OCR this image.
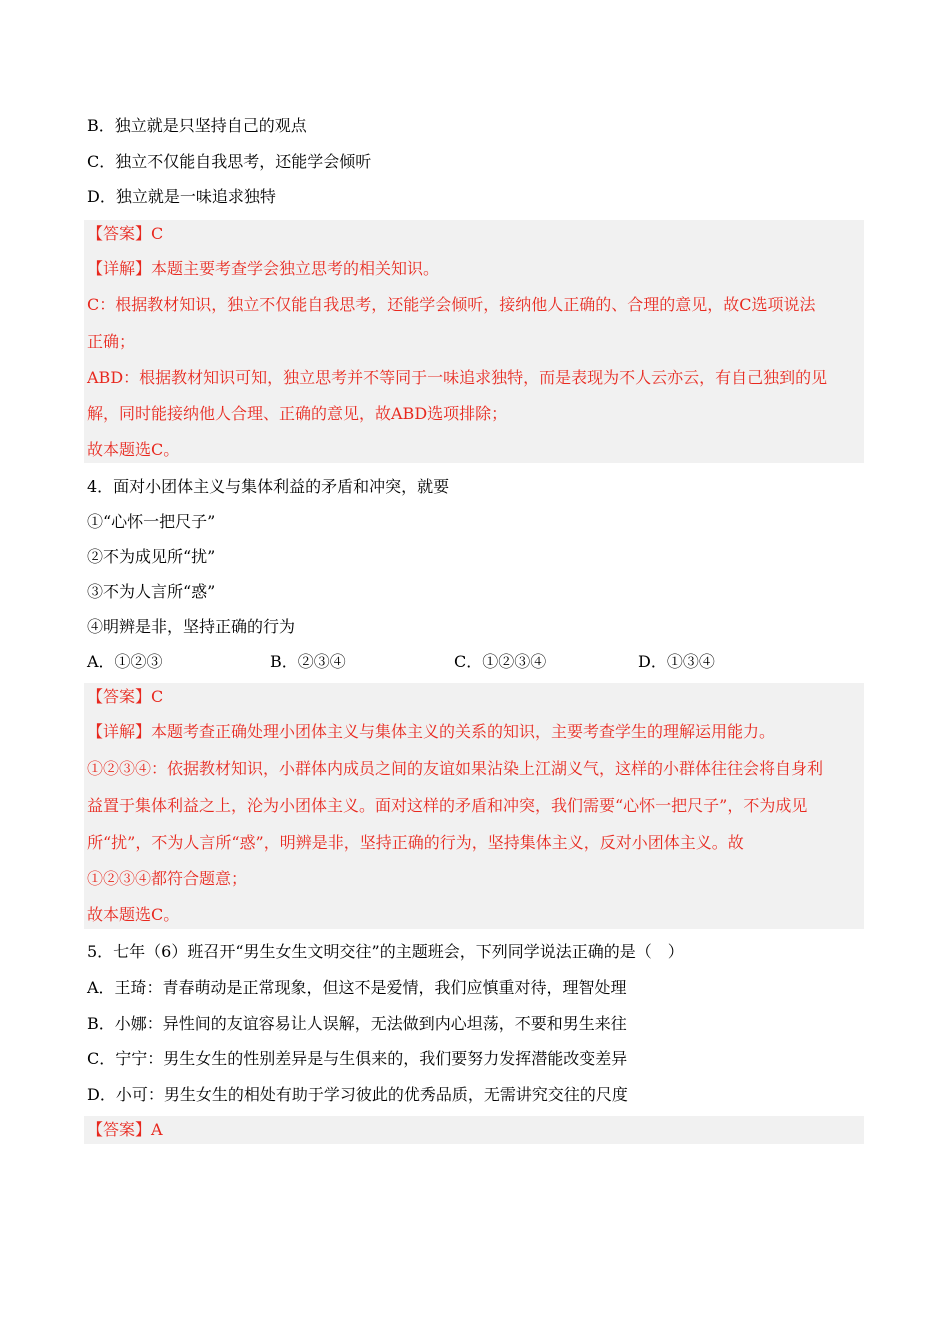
B．独立就是只坚持自己的观点
C．独立不仅能自我思考，还能学会倾听
D．独立就是一味追求独特
【答案】C
【详解】本题主要考查学会独立思考的相关知识。
C：根据教材知识，独立不仅能自我思考，还能学会倾听，接纳他人正确的、合理的意见，故C选项说法
正确；
ABD：根据教材知识可知，独立思考并不等同于一味追求独特，而是表现为不人云亦云，有自己独到的见
解，同时能接纳他人合理、正确的意见，故ABD选项排除；
故本题选C。
4．面对小团体主义与集体利益的矛盾和冲突，就要
①“心怀一把尺子”
②不为成见所“扰”
③不为人言所“惑”
④明辨是非，坚持正确的行为
A．①②③	B．②③④	C．①②③④	D．①③④
【答案】C
【详解】本题考查正确处理小团体主义与集体主义的关系的知识，主要考查学生的理解运用能力。
①②③④：依据教材知识，小群体内成员之间的友谊如果沾染上江湖义气，这样的小群体往往会将自身利
益置于集体利益之上，沦为小团体主义。面对这样的矛盾和冲突，我们需要“心怀一把尺子”，不为成见
所“扰”，不为人言所“惑”，明辨是非，坚持正确的行为，坚持集体主义，反对小团体主义。故
①②③④都符合题意；
故本题选C。
5．七年（6）班召开“男生女生文明交往”的主题班会，下列同学说法正确的是（　）
A．王琦：青春萌动是正常现象，但这不是爱情，我们应慎重对待，理智处理
B．小娜：异性间的友谊容易让人误解，无法做到内心坦荡，不要和男生来往
C．宁宁：男生女生的性别差异是与生俱来的，我们要努力发挥潜能改变差异
D．小可：男生女生的相处有助于学习彼此的优秀品质，无需讲究交往的尺度
【答案】A
